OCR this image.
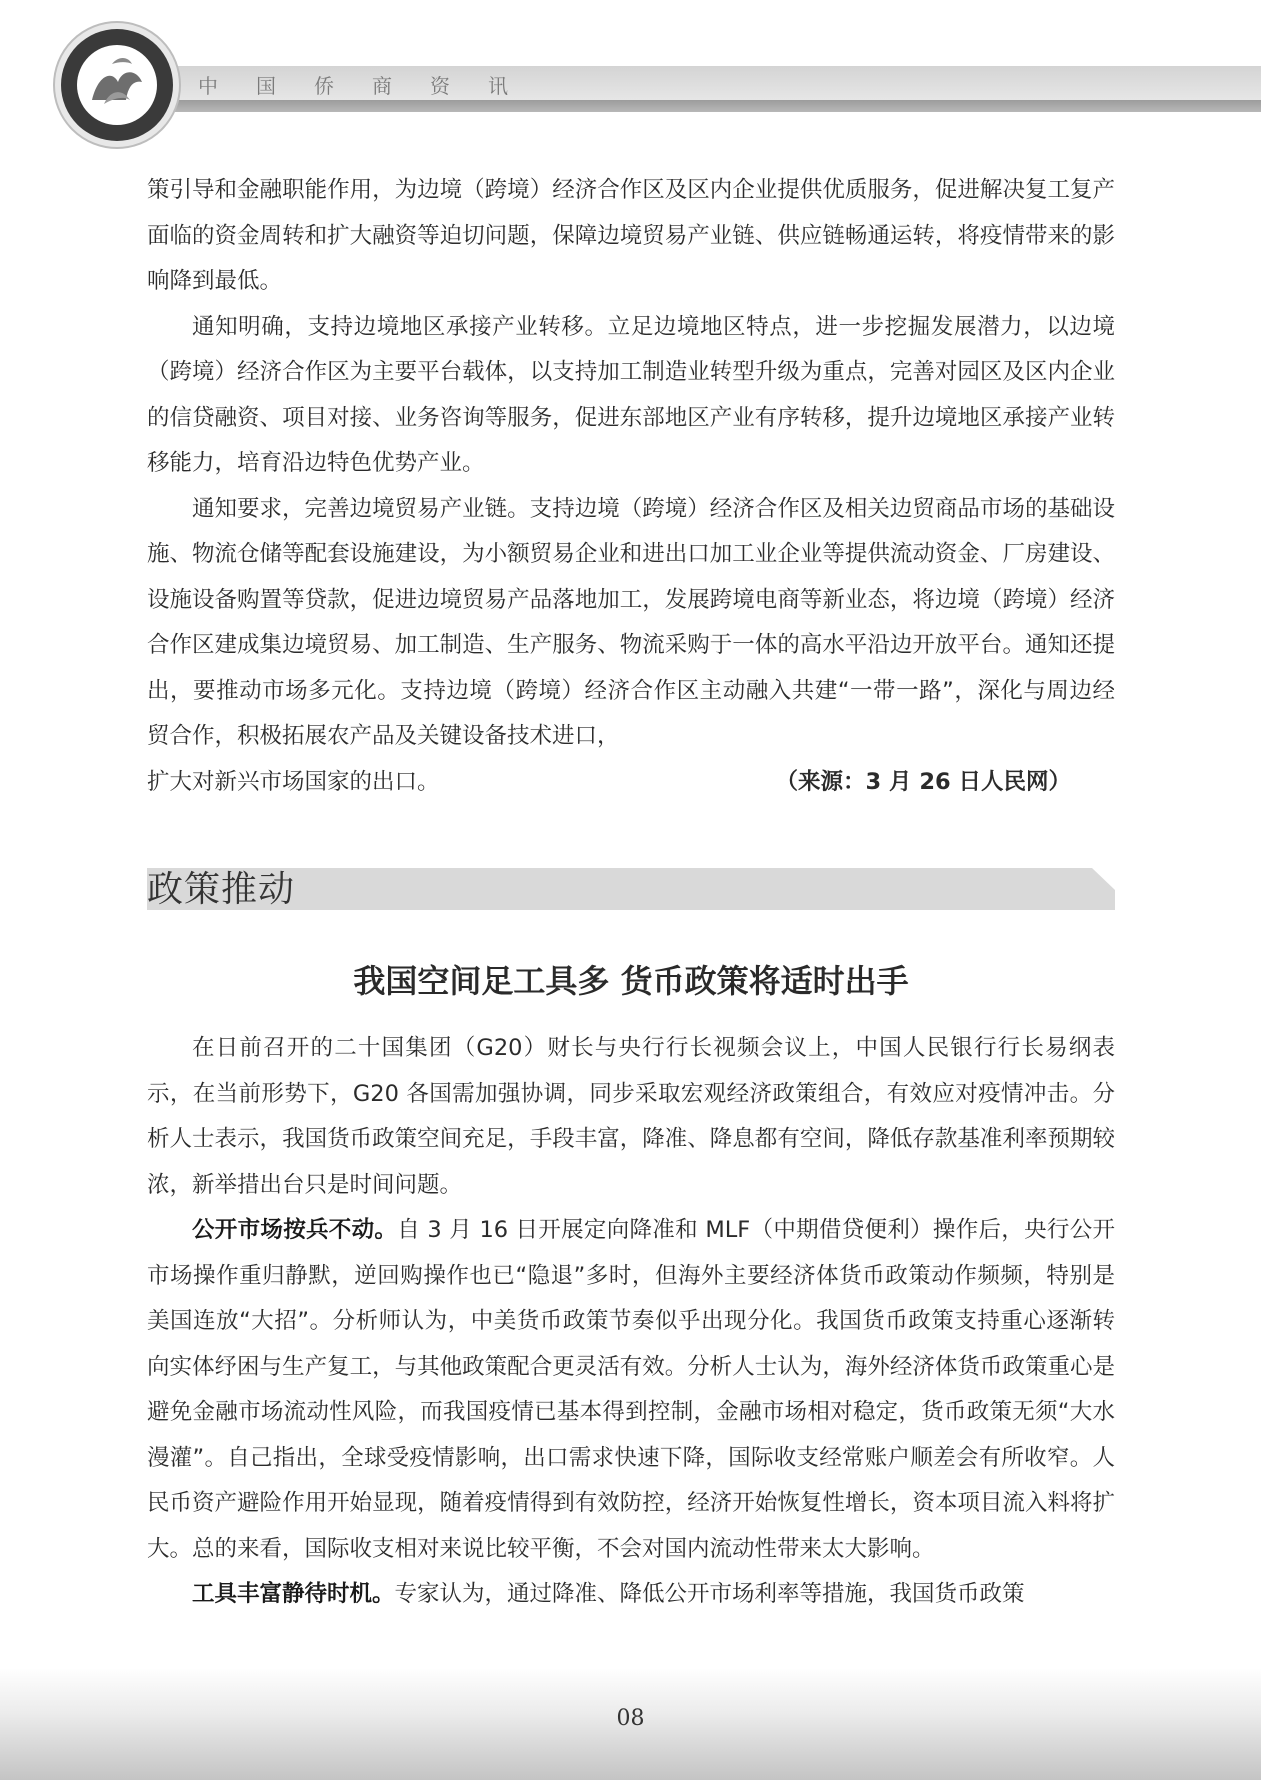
中国侨商资讯

策引导和金融职能作用，为边境（跨境）经济合作区及区内企业提供优质服务，促进解决复工复产面临的资金周转和扩大融资等迫切问题，保障边境贸易产业链、供应链畅通运转，将疫情带来的影响降到最低。

通知明确，支持边境地区承接产业转移。立足边境地区特点，进一步挖掘发展潜力，以边境（跨境）经济合作区为主要平台载体，以支持加工制造业转型升级为重点，完善对园区及区内企业的信贷融资、项目对接、业务咨询等服务，促进东部地区产业有序转移，提升边境地区承接产业转移能力，培育沿边特色优势产业。

通知要求，完善边境贸易产业链。支持边境（跨境）经济合作区及相关边贸商品市场的基础设施、物流仓储等配套设施建设，为小额贸易企业和进出口加工业企业等提供流动资金、厂房建设、设施设备购置等贷款，促进边境贸易产品落地加工，发展跨境电商等新业态，将边境（跨境）经济合作区建成集边境贸易、加工制造、生产服务、物流采购于一体的高水平沿边开放平台。通知还提出，要推动市场多元化。支持边境（跨境）经济合作区主动融入共建“一带一路”，深化与周边经贸合作，积极拓展农产品及关键设备技术进口，

扩大对新兴市场国家的出口。	（来源：3 月 26 日人民网）

政策推动
我国空间足工具多 货币政策将适时出手

在日前召开的二十国集团（G20）财长与央行行长视频会议上，中国人民银行行长易纲表示，在当前形势下，G20 各国需加强协调，同步采取宏观经济政策组合，有效应对疫情冲击。分析人士表示，我国货币政策空间充足，手段丰富，降准、降息都有空间，降低存款基准利率预期较浓，新举措出台只是时间问题。

公开市场按兵不动。自 3 月 16 日开展定向降准和 MLF（中期借贷便利）操作后，央行公开市场操作重归静默，逆回购操作也已“隐退”多时，但海外主要经济体货币政策动作频频，特别是美国连放“大招”。分析师认为，中美货币政策节奏似乎出现分化。我国货币政策支持重心逐渐转向实体纾困与生产复工，与其他政策配合更灵活有效。分析人士认为，海外经济体货币政策重心是避免金融市场流动性风险，而我国疫情已基本得到控制，金融市场相对稳定，货币政策无须“大水漫灌”。自己指出，全球受疫情影响，出口需求快速下降，国际收支经常账户顺差会有所收窄。人民币资产避险作用开始显现，随着疫情得到有效防控，经济开始恢复性增长，资本项目流入料将扩大。总的来看，国际收支相对来说比较平衡，不会对国内流动性带来太大影响。

工具丰富静待时机。专家认为，通过降准、降低公开市场利率等措施，我国货币政策

08
